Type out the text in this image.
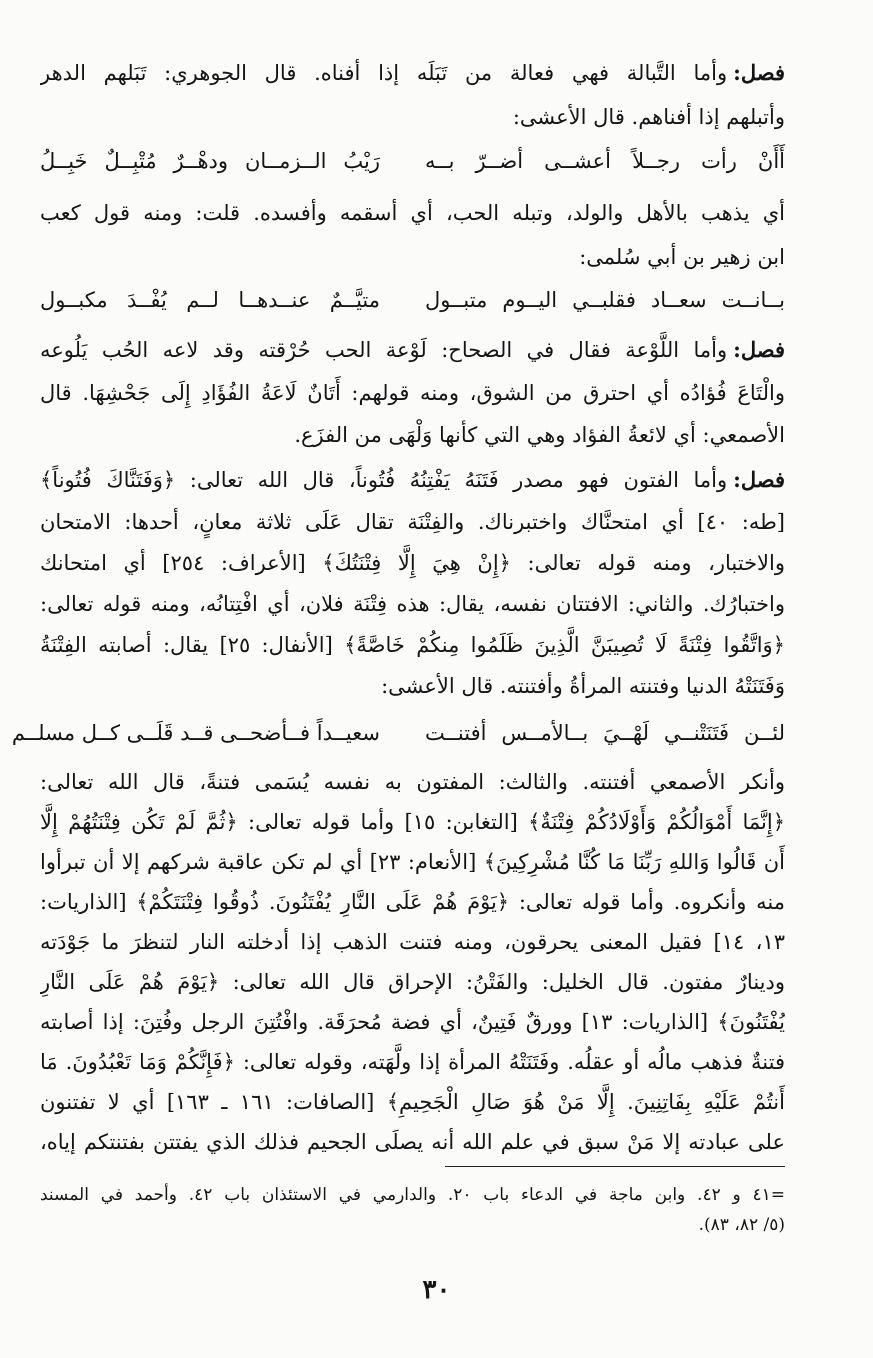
فصل:وأما التَّبالة فهي فعالة من تَبَلَه إذا أفناه. قال الجوهري: تَبَلهم الدهر
وأتبلهم إذا أفناهم. قال الأعشى:
أَأَنْ رأت رجــلاً أعشــى أضــرّ بــه
رَيْبُ الــزمــان ودهْــرٌ مُتْبِــلٌ خَبِــلُ
أي يذهب بالأهل والولد، وتبله الحب، أي أسقمه وأفسده. قلت: ومنه قول كعب
ابن زهير بن أبي سُلمى:
بــانــت سعــاد فقلبــي اليــوم متبــول
متيَّــمٌ عنــدهــا لــم يُفْــدَ مكبــول
فصل:وأما اللَّوْعة فقال في الصحاح: لَوْعة الحب حُرْقته وقد لاعه الحُب يَلُوعه
والْتَاعَ فُؤادُه أي احترق من الشوق، ومنه قولهم: أَتَانٌ لَاعَةُ الفُؤَادِ إِلَى جَحْشِهَا. قال
الأصمعي: أي لائعةُ الفؤاد وهي التي كأنها وَلْهَى من الفزَع.
فصل:وأما الفتون فهو مصدر فَتَنَهُ يَفْتِنُهُ فُتُوناً، قال الله تعالى: ﴿وَفَتَنَّاكَ فُتُوناً﴾
[طه: ٤٠] أي امتحنَّاك واختبرناك. والفِتْنَة تقال عَلَى ثلاثة معانٍ، أحدها: الامتحان
والاختبار، ومنه قوله تعالى: ﴿إِنْ هِيَ إِلَّا فِتْنَتُكَ﴾ [الأعراف: ٢٥٤] أي امتحانك
واختبارُك. والثاني: الافتتان نفسه، يقال: هذه فِتْنَة فلان، أي افْتِتانُه، ومنه قوله تعالى:
﴿وَاتَّقُوا فِتْنَةً لَا تُصِيبَنَّ الَّذِينَ ظَلَمُوا مِنكُمْ خَاصَّةً﴾ [الأنفال: ٢٥] يقال: أصابته الفِتْنَةُ
وَفَتَنَتْهُ الدنيا وفتنته المرأةُ وأفتنته. قال الأعشى:
لئــن فَتَنَتْنــي لَهْــيَ بــالأمــس أفتنــت
سعيــداً فــأضحــى قــد قَلَــى كــل مسلــم
وأنكر الأصمعي أفتنته. والثالث: المفتون به نفسه يُسَمى فتنةً، قال الله تعالى:
﴿إِنَّمَا أَمْوَالُكُمْ وَأَوْلَادُكُمْ فِتْنَةٌ﴾ [التغابن: ١٥] وأما قوله تعالى: ﴿ثُمَّ لَمْ تَكُن فِتْنَتُهُمْ إِلَّا
أَن قَالُوا وَاللهِ رَبِّنَا مَا كُنَّا مُشْرِكِينَ﴾ [الأنعام: ٢٣] أي لم تكن عاقبة شركهم إلا أن تبرأوا
منه وأنكروه. وأما قوله تعالى: ﴿يَوْمَ هُمْ عَلَى النَّارِ يُفْتَنُونَ. ذُوقُوا فِتْنَتَكُمْ﴾ [الذاريات:
١٣، ١٤] فقيل المعنى يحرقون، ومنه فتنت الذهب إذا أدخلته النار لتنظرَ ما جَوْدَته
ودينارٌ مفتون. قال الخليل: والفَتْنُ: الإحراق قال الله تعالى: ﴿يَوْمَ هُمْ عَلَى النَّارِ
يُفْتَنُونَ﴾ [الذاريات: ١٣] وورقٌ فَتِينٌ، أي فضة مُحرَقَة. وافْتُتِنَ الرجل وفُتِنَ: إذا أصابته
فتنةٌ فذهب مالُه أو عقلُه. وفَتَنَتْهُ المرأة إذا ولَّهَته، وقوله تعالى: ﴿فَإِنَّكُمْ وَمَا تَعْبُدُونَ. مَا
أَنتُمْ عَلَيْهِ بِفَاتِنِينَ. إِلَّا مَنْ هُوَ صَالِ الْجَحِيمِ﴾ [الصافات: ١٦١ ـ ١٦٣] أي لا تفتنون
على عبادته إلا مَنْ سبق في علم الله أنه يصلَى الجحيم فذلك الذي يفتتن بفتنتكم إياه،
=٤١ و ٤٢. وابن ماجة في الدعاء باب ٢٠. والدارمي في الاستئذان باب ٤٢. وأحمد في المسند
(٥/ ٨٢، ٨٣).
٣٠
